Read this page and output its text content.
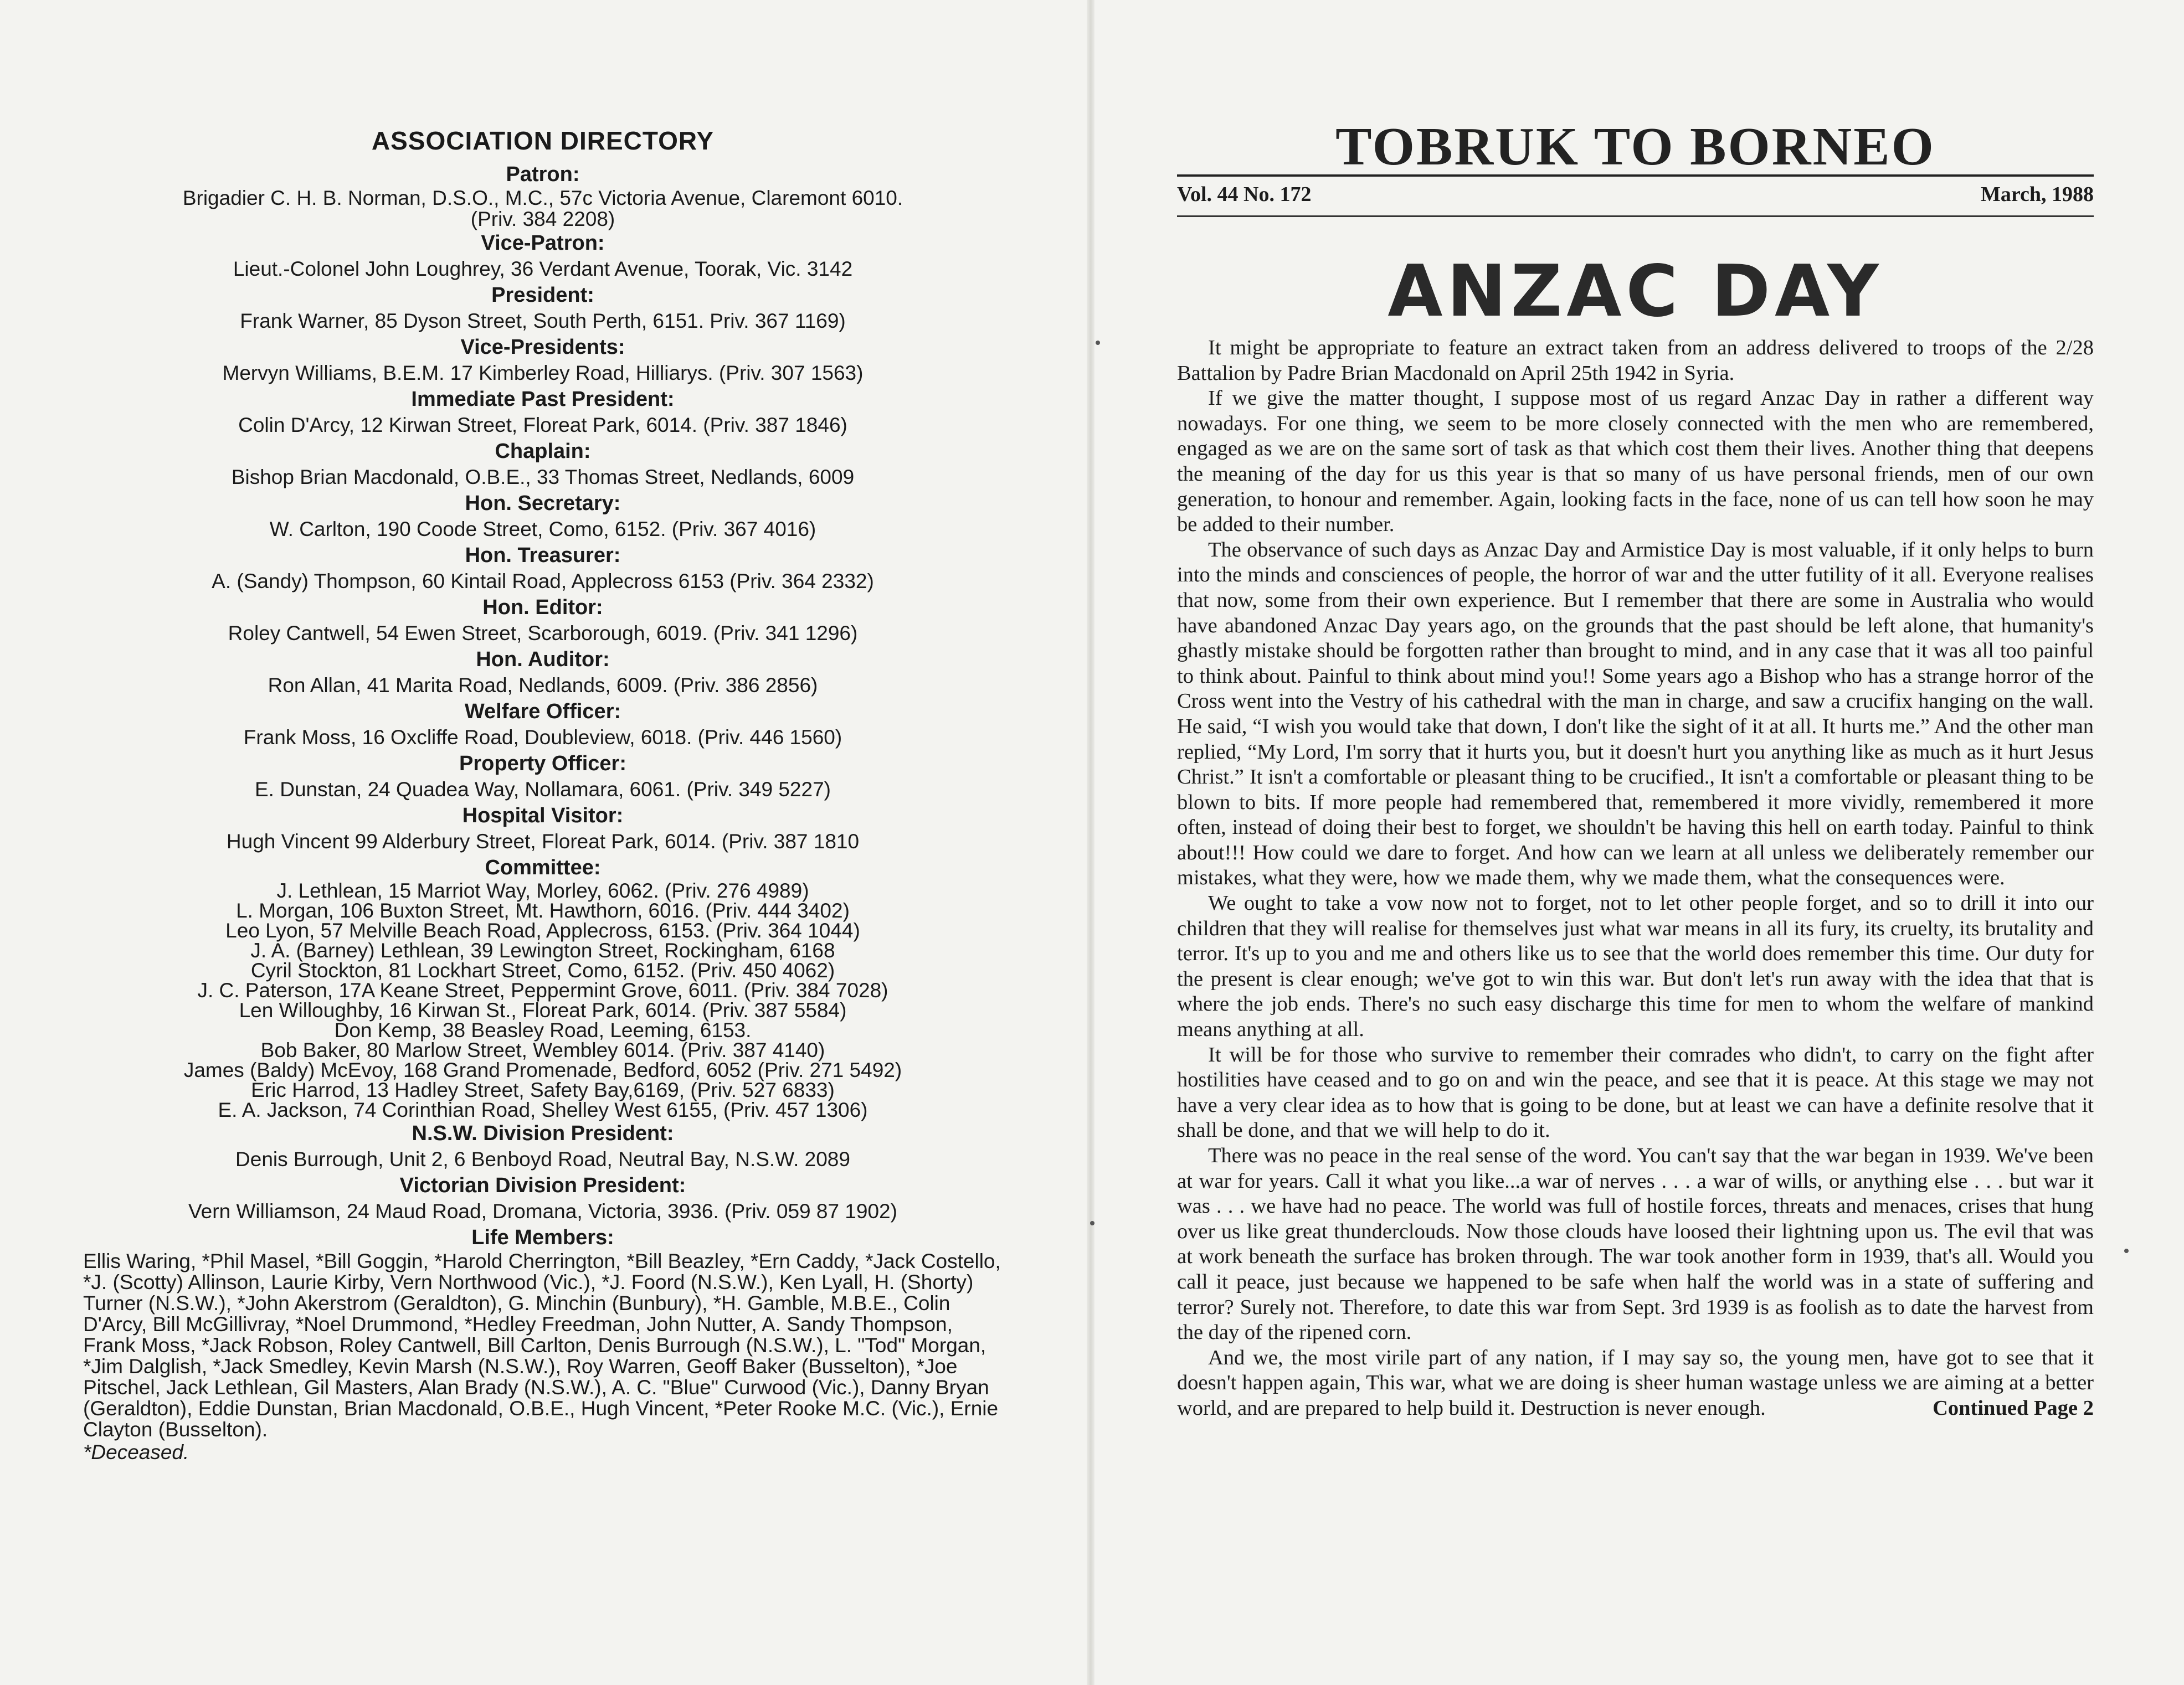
ASSOCIATION DIRECTORY

Patron:

Brigadier C. H. B. Norman, D.S.O., M.C., 57c Victoria Avenue, Claremont 6010.

(Priv. 384 2208)

Vice-Patron:

Lieut.-Colonel John Loughrey, 36 Verdant Avenue, Toorak, Vic. 3142

President:

Frank Warner, 85 Dyson Street, South Perth, 6151. Priv. 367 1169)

Vice-Presidents:

Mervyn Williams, B.E.M. 17 Kimberley Road, Hilliarys. (Priv. 307 1563)

Immediate Past President:

Colin D'Arcy, 12 Kirwan Street, Floreat Park, 6014. (Priv. 387 1846)

Chaplain:

Bishop Brian Macdonald, O.B.E., 33 Thomas Street, Nedlands, 6009

Hon. Secretary:

W. Carlton, 190 Coode Street, Como, 6152. (Priv. 367 4016)

Hon. Treasurer:

A. (Sandy) Thompson, 60 Kintail Road, Applecross 6153 (Priv. 364 2332)

Hon. Editor:

Roley Cantwell, 54 Ewen Street, Scarborough, 6019. (Priv. 341 1296)

Hon. Auditor:

Ron Allan, 41 Marita Road, Nedlands, 6009. (Priv. 386 2856)

Welfare Officer:

Frank Moss, 16 Oxcliffe Road, Doubleview, 6018. (Priv. 446 1560)

Property Officer:

E. Dunstan, 24 Quadea Way, Nollamara, 6061. (Priv. 349 5227)

Hospital Visitor:

Hugh Vincent 99 Alderbury Street, Floreat Park, 6014. (Priv. 387 1810

Committee:

J. Lethlean, 15 Marriot Way, Morley, 6062. (Priv. 276 4989)

L. Morgan, 106 Buxton Street, Mt. Hawthorn, 6016. (Priv. 444 3402)

Leo Lyon, 57 Melville Beach Road, Applecross, 6153. (Priv. 364 1044)

J. A. (Barney) Lethlean, 39 Lewington Street, Rockingham, 6168

Cyril Stockton, 81 Lockhart Street, Como, 6152. (Priv. 450 4062)

J. C. Paterson, 17A Keane Street, Peppermint Grove, 6011. (Priv. 384 7028)

Len Willoughby, 16 Kirwan St., Floreat Park, 6014. (Priv. 387 5584)

Don Kemp, 38 Beasley Road, Leeming, 6153.

Bob Baker, 80 Marlow Street, Wembley 6014. (Priv. 387 4140)

James (Baldy) McEvoy, 168 Grand Promenade, Bedford, 6052 (Priv. 271 5492)

Eric Harrod, 13 Hadley Street, Safety Bay,6169, (Priv. 527 6833)

E. A. Jackson, 74 Corinthian Road, Shelley West 6155, (Priv. 457 1306)

N.S.W. Division President:

Denis Burrough, Unit 2, 6 Benboyd Road, Neutral Bay, N.S.W. 2089

Victorian Division President:

Vern Williamson, 24 Maud Road, Dromana, Victoria, 3936. (Priv. 059 87 1902)

Life Members:

Ellis Waring, *Phil Masel, *Bill Goggin, *Harold Cherrington, *Bill Beazley, *Ern Caddy, *Jack Costello, *J. (Scotty) Allinson, Laurie Kirby, Vern Northwood (Vic.), *J. Foord (N.S.W.), Ken Lyall, H. (Shorty) Turner (N.S.W.), *John Akerstrom (Geraldton), G. Minchin (Bunbury), *H. Gamble, M.B.E., Colin D'Arcy, Bill McGillivray, *Noel Drummond, *Hedley Freedman, John Nutter, A. Sandy Thompson, Frank Moss, *Jack Robson, Roley Cantwell, Bill Carlton, Denis Burrough (N.S.W.), L. "Tod" Morgan, *Jim Dalglish, *Jack Smedley, Kevin Marsh (N.S.W.), Roy Warren, Geoff Baker (Busselton), *Joe Pitschel, Jack Lethlean, Gil Masters, Alan Brady (N.S.W.), A. C. "Blue" Curwood (Vic.), Danny Bryan (Geraldton), Eddie Dunstan, Brian Macdonald, O.B.E., Hugh Vincent, *Peter Rooke M.C. (Vic.), Ernie Clayton (Busselton).

*Deceased.

TOBRUK TO BORNEO
Vol. 44 No. 172	March, 1988
ANZAC DAY

It might be appropriate to feature an extract taken from an address delivered to troops of the 2/28 Battalion by Padre Brian Macdonald on April 25th 1942 in Syria.

If we give the matter thought, I suppose most of us regard Anzac Day in rather a different way nowadays. For one thing, we seem to be more closely connected with the men who are remembered, engaged as we are on the same sort of task as that which cost them their lives. Another thing that deepens the meaning of the day for us this year is that so many of us have personal friends, men of our own generation, to honour and remember. Again, looking facts in the face, none of us can tell how soon he may be added to their number.

The observance of such days as Anzac Day and Armistice Day is most valuable, if it only helps to burn into the minds and consciences of people, the horror of war and the utter futility of it all. Everyone realises that now, some from their own experience. But I remember that there are some in Australia who would have abandoned Anzac Day years ago, on the grounds that the past should be left alone, that humanity's ghastly mistake should be forgotten rather than brought to mind, and in any case that it was all too painful to think about. Painful to think about mind you!! Some years ago a Bishop who has a strange horror of the Cross went into the Vestry of his cathedral with the man in charge, and saw a crucifix hanging on the wall. He said, “I wish you would take that down, I don't like the sight of it at all. It hurts me.” And the other man replied, “My Lord, I'm sorry that it hurts you, but it doesn't hurt you anything like as much as it hurt Jesus Christ.” It isn't a comfortable or pleasant thing to be crucified., It isn't a comfortable or pleasant thing to be blown to bits. If more people had remembered that, remembered it more vividly, remembered it more often, instead of doing their best to forget, we shouldn't be having this hell on earth today. Painful to think about!!! How could we dare to forget. And how can we learn at all unless we deliberately remember our mistakes, what they were, how we made them, why we made them, what the consequences were.

We ought to take a vow now not to forget, not to let other people forget, and so to drill it into our children that they will realise for themselves just what war means in all its fury, its cruelty, its brutality and terror. It's up to you and me and others like us to see that the world does remember this time. Our duty for the present is clear enough; we've got to win this war. But don't let's run away with the idea that that is where the job ends. There's no such easy discharge this time for men to whom the welfare of mankind means anything at all.

It will be for those who survive to remember their comrades who didn't, to carry on the fight after hostilities have ceased and to go on and win the peace, and see that it is peace. At this stage we may not have a very clear idea as to how that is going to be done, but at least we can have a definite resolve that it shall be done, and that we will help to do it.

There was no peace in the real sense of the word. You can't say that the war began in 1939. We've been at war for years. Call it what you like...a war of nerves . . . a war of wills, or anything else . . . but war it was . . . we have had no peace. The world was full of hostile forces, threats and menaces, crises that hung over us like great thunderclouds. Now those clouds have loosed their lightning upon us. The evil that was at work beneath the surface has broken through. The war took another form in 1939, that's all. Would you call it peace, just because we happened to be safe when half the world was in a state of suffering and terror? Surely not. Therefore, to date this war from Sept. 3rd 1939 is as foolish as to date the harvest from the day of the ripened corn.

And we, the most virile part of any nation, if I may say so, the young men, have got to see that it doesn't happen again, This war, what we are doing is sheer human wastage unless we are aiming at a better world, and are prepared to help build it. Destruction is never enough.	Continued Page 2
